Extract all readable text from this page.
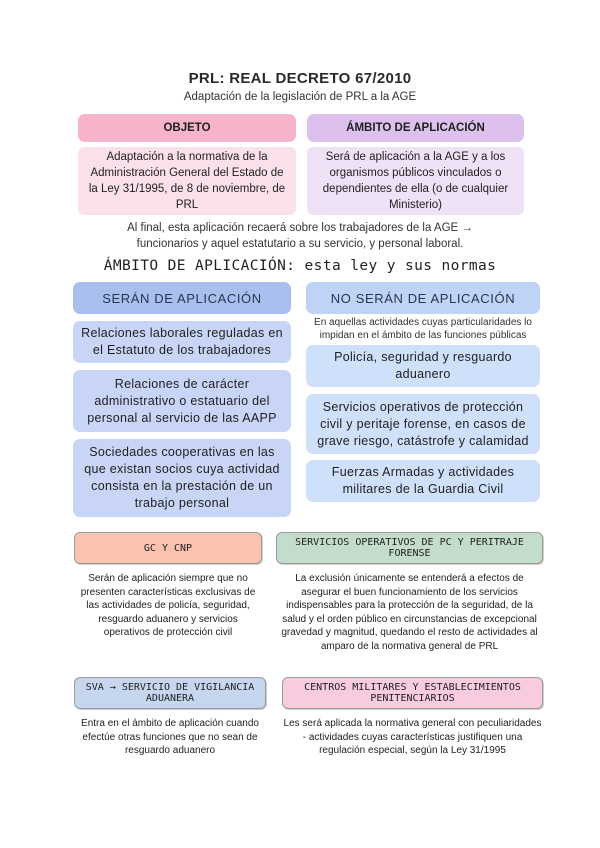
PRL: REAL DECRETO 67/2010
Adaptación de la legislación de PRL a la AGE
OBJETO
Adaptación a la normativa de la Administración General del Estado de la Ley 31/1995, de 8 de noviembre, de PRL
ÁMBITO DE APLICACIÓN
Será de aplicación a la AGE y a los organismos públicos vinculados o dependientes de ella (o de cualquier Ministerio)
Al final, esta aplicación recaerá sobre los trabajadores de la AGE → funcionarios y aquel estatutario a su servicio, y personal laboral.
ÁMBITO DE APLICACIÓN: esta ley y sus normas
SERÁN DE APLICACIÓN
Relaciones laborales reguladas en el Estatuto de los trabajadores
Relaciones de carácter administrativo o estatuario del personal al servicio de las AAPP
Sociedades cooperativas en las que existan socios cuya actividad consista en la prestación de un trabajo personal
NO SERÁN DE APLICACIÓN
En aquellas actividades cuyas particularidades lo impidan en el ámbito de las funciones públicas
Policía, seguridad y resguardo aduanero
Servicios operativos de protección civil y peritaje forense, en casos de grave riesgo, catástrofe y calamidad
Fuerzas Armadas y actividades militares de la Guardia Civil
GC Y CNP
Serán de aplicación siempre que no presenten características exclusivas de las actividades de policía, seguridad, resguardo aduanero y servicios operativos de protección civil
SERVICIOS OPERATIVOS DE PC Y PERITRAJE FORENSE
La exclusión únicamente se entenderá a efectos de asegurar el buen funcionamiento de los servicios indispensables para la protección de la seguridad, de la salud y el orden público en circunstancias de excepcional gravedad y magnitud, quedando el resto de actividades al amparo de la normativa general de PRL
SVA → SERVICIO DE VIGILANCIA ADUANERA
Entra en el ámbito de aplicación cuando efectúe otras funciones que no sean de resguardo aduanero
CENTROS MILITARES Y ESTABLECIMIENTOS PENITENCIARIOS
Les será aplicada la normativa general con peculiaridades - actividades cuyas características justifiquen una regulación especial, según la Ley 31/1995
